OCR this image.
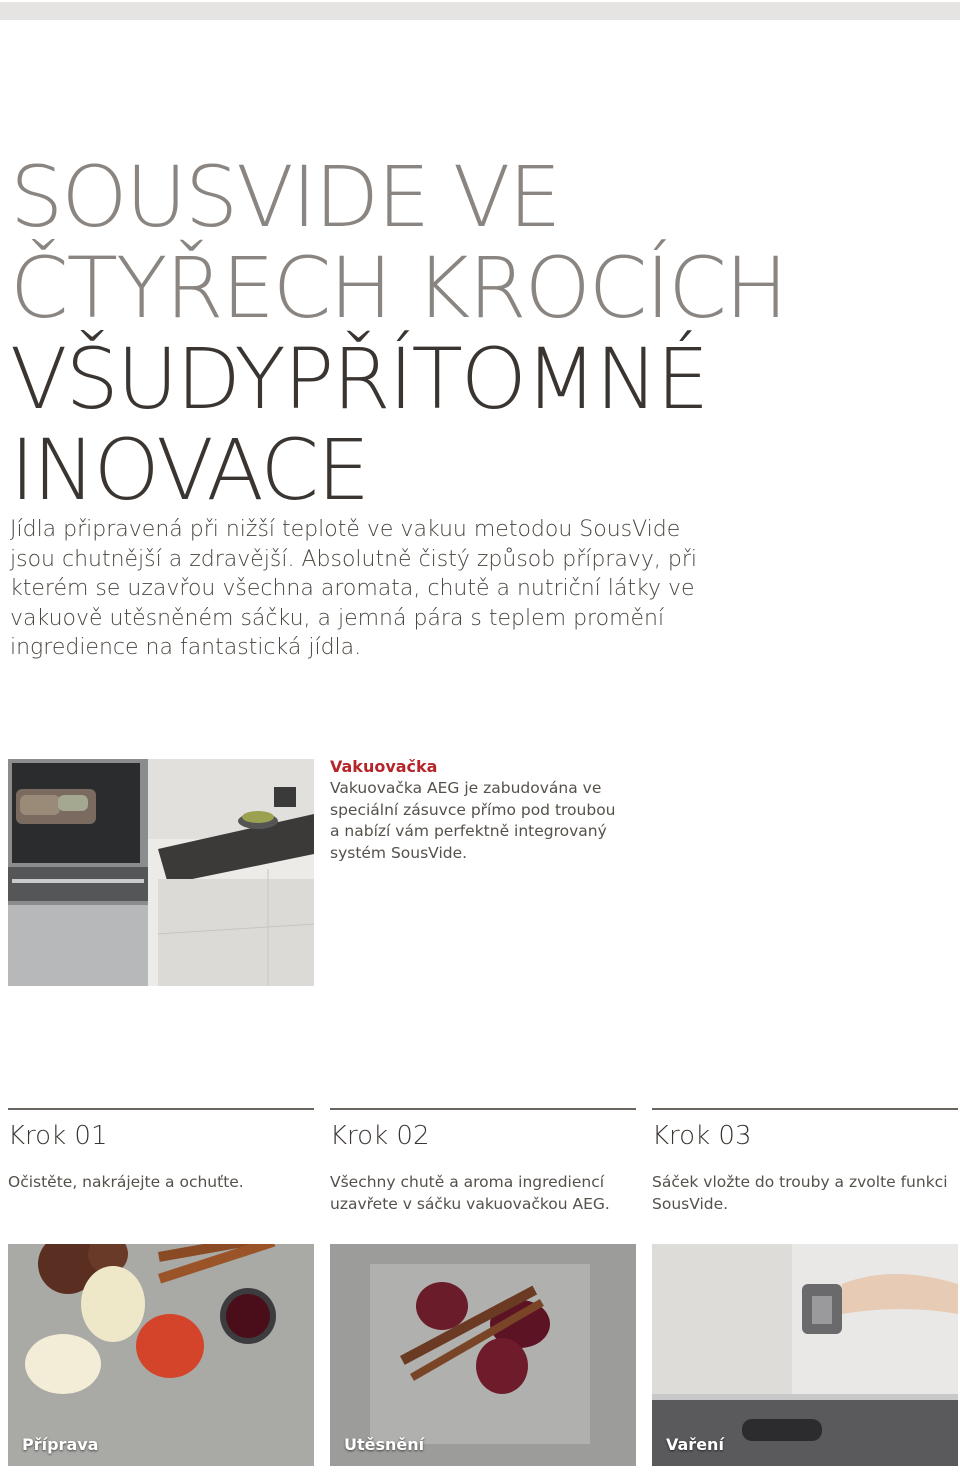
SOUSVIDE VE
ČTYŘECH KROCÍCH
VŠUDYPŘÍTOMNÉ
INOVACE

Jídla připravená při nižší teplotě ve vakuu metodou SousVide jsou chutnější a zdravější. Absolutně čistý způsob přípravy, při kterém se uzavřou všechna aromata, chutě a nutriční látky ve vakuově utěsněném sáčku, a jemná pára s teplem promění ingredience na fantastická jídla.

Vakuovačka
Vakuovačka AEG je zabudována ve speciální zásuvce přímo pod troubou a nabízí vám perfektně integrovaný systém SousVide.
Krok 01
Očistěte, nakrájejte a ochuťte.
Krok 02
Všechny chutě a aroma ingrediencí uzavřete v sáčku vakuovačkou AEG.
Krok 03
Sáček vložte do trouby a zvolte funkci SousVide.
Příprava	Utěsnění	Vaření
